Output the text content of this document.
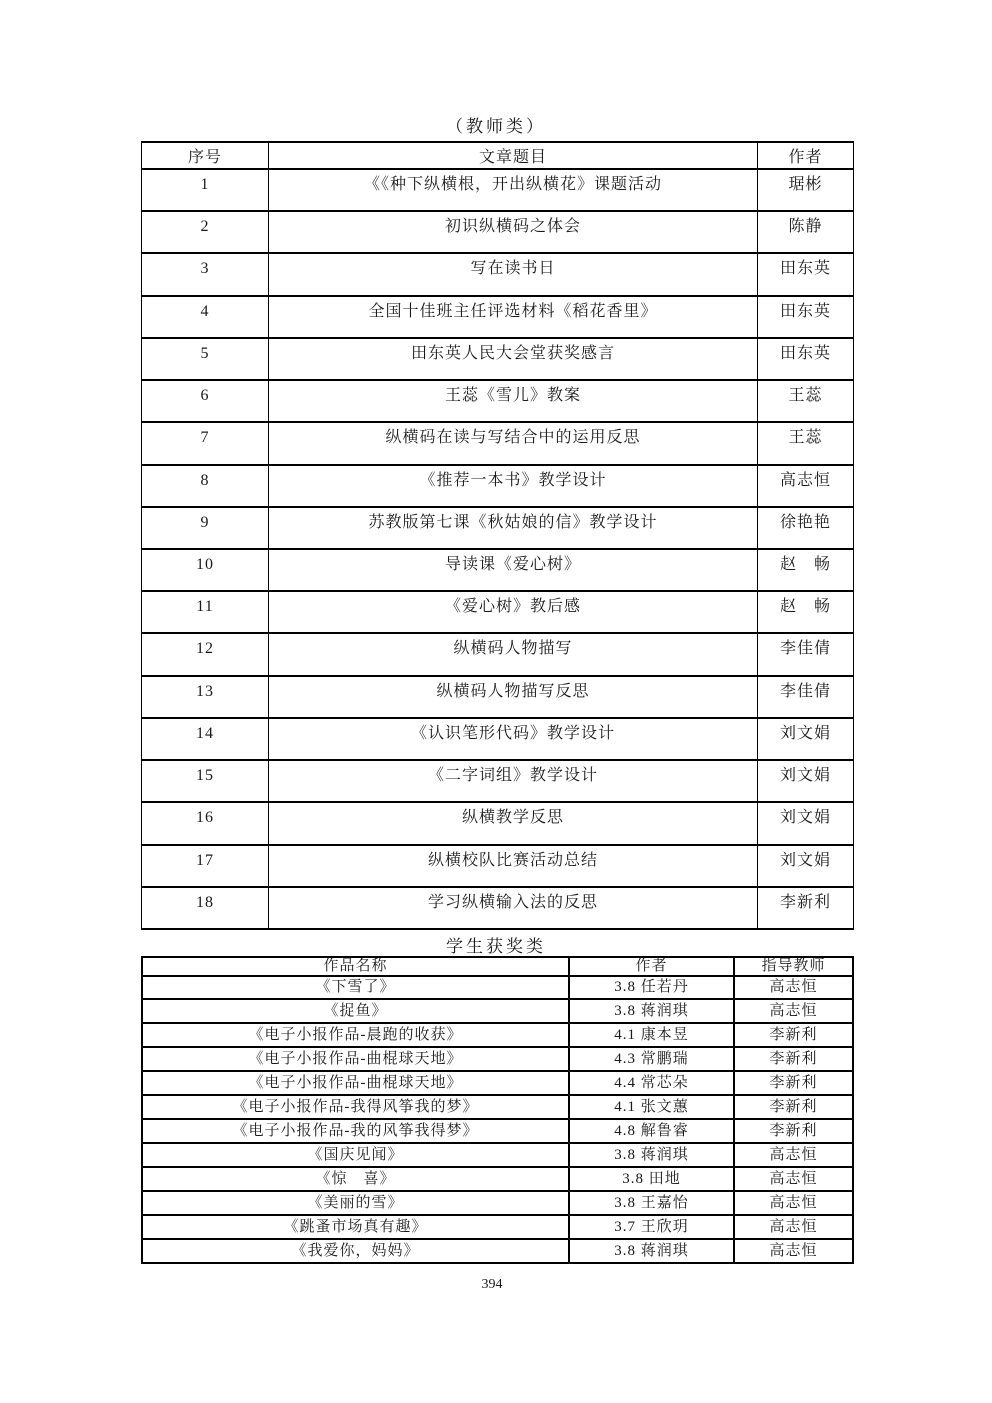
（教师类）
序号	文章题目	作者
1	《《种下纵横根，开出纵横花》课题活动	琚彬
2	初识纵横码之体会	陈静
3	写在读书日	田东英
4	全国十佳班主任评选材料《稻花香里》	田东英
5	田东英人民大会堂获奖感言	田东英
6	王蕊《雪儿》教案	王蕊
7	纵横码在读与写结合中的运用反思	王蕊
8	《推荐一本书》教学设计	高志恒
9	苏教版第七课《秋姑娘的信》教学设计	徐艳艳
10	导读课《爱心树》	赵　畅
11	《爱心树》教后感	赵　畅
12	纵横码人物描写	李佳倩
13	纵横码人物描写反思	李佳倩
14	《认识笔形代码》教学设计	刘文娟
15	《二字词组》教学设计	刘文娟
16	纵横教学反思	刘文娟
17	纵横校队比赛活动总结	刘文娟
18	学习纵横输入法的反思	李新利
学生获奖类
作品名称	作者	指导教师
《下雪了》	3.8 任若丹	高志恒
《捉鱼》	3.8 蒋润琪	高志恒
《电子小报作品-晨跑的收获》	4.1 康本昱	李新利
《电子小报作品-曲棍球天地》	4.3 常鹏瑞	李新利
《电子小报作品-曲棍球天地》	4.4 常芯朵	李新利
《电子小报作品-我得风筝我的梦》	4.1 张文蕙	李新利
《电子小报作品-我的风筝我得梦》	4.8 解鲁睿	李新利
《国庆见闻》	3.8 蒋润琪	高志恒
《惊　喜》	3.8 田地	高志恒
《美丽的雪》	3.8 王嘉怡	高志恒
《跳蚤市场真有趣》	3.7 王欣玥	高志恒
《我爱你，妈妈》	3.8 蒋润琪	高志恒
394
